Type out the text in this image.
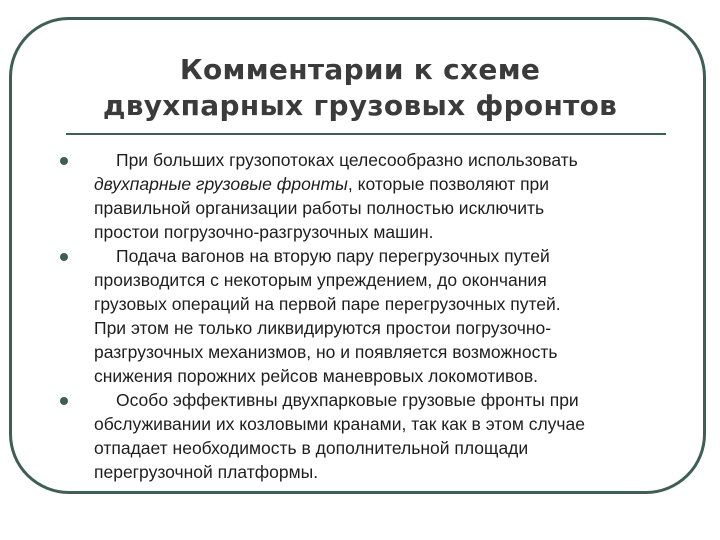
Комментарии к схеме
двухпарных грузовых фронтов
При больших грузопотоках целесообразно использовать
двухпарные грузовые фронты, которые позволяют при
правильной организации работы полностью исключить
простои погрузочно-разгрузочных машин.
Подача вагонов на вторую пару перегрузочных путей
производится с некоторым упреждением, до окончания
грузовых операций на первой паре перегрузочных путей.
При этом не только ликвидируются простои погрузочно-
разгрузочных механизмов, но и появляется возможность
снижения порожних рейсов маневровых локомотивов.
Особо эффективны двухпарковые грузовые фронты при
обслуживании их козловыми кранами, так как в этом случае
отпадает необходимость в дополнительной площади
перегрузочной платформы.
